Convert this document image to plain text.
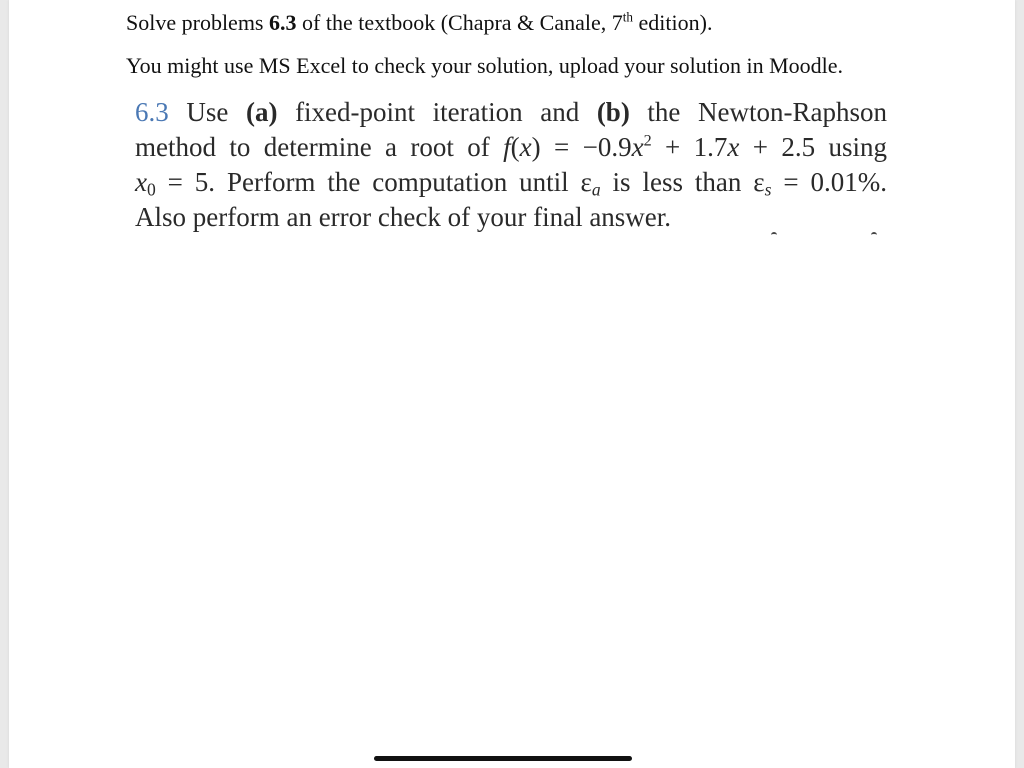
Solve problems 6.3 of the textbook (Chapra & Canale, 7th edition).
You might use MS Excel to check your solution, upload your solution in Moodle.
6.3 Use (a) fixed-point iteration and (b) the Newton-Raphson
method to determine a root of $f(x) = -0.9x^2 + 1.7x + 2.5$ using
$x_0 = 5$. Perform the computation until $\varepsilon_a$ is less than $\varepsilon_s = 0.01\%$.
Also perform an error check of your final answer.
